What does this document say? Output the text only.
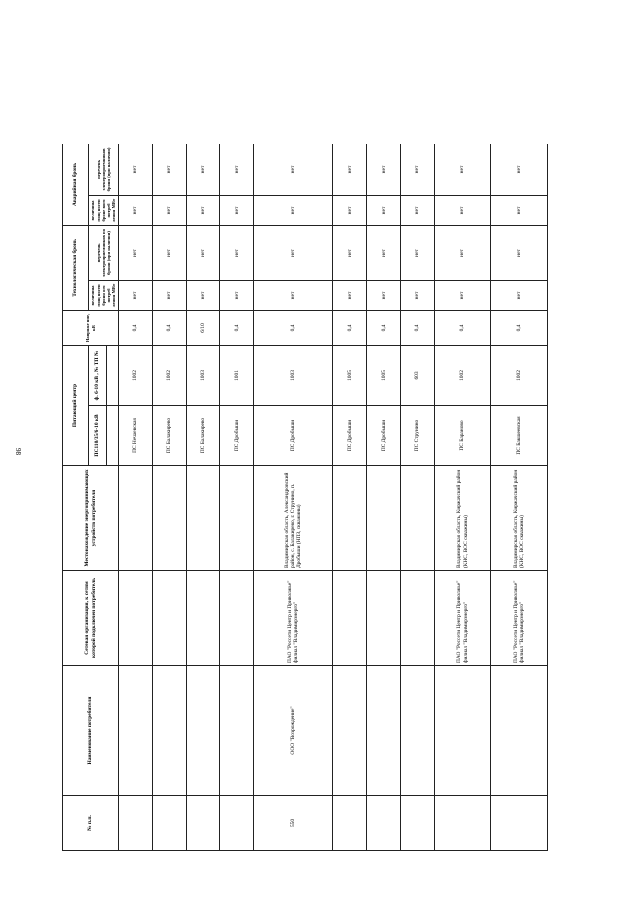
98
№ п.п.	Наименование потребителя	Сетевая организация, к сетям которой подключен потребитель	Местонахождение энергопринимающих устройств потребителя	Питающий центр		Напряже ние, кВ	Технологическая бронь		Аварийная бронь	
				ПС110/35/6-10 кВ	ф. 6-10 кВ , № ТП №		величина мощ ности бронн ого потреб ления МВт	перечень электроприемников по брони (при наличии)	величина мощ ности броне вого потреб ления МВт	перечень электроприемников брони (при наличии)

				ПС Нечаевская	1002	0,4	нет	нет	нет	нет
				ПС Балакирево	1002	0,4	нет	нет	нет	нет
				ПС Балакирево	1003	6/10	нет	нет	нет	нет
				ПС Дробыши	1001	0,4	нет	нет	нет	нет
550	ООО "Возрождение"	ПАО "Россети Центр и Приволжье" филиал "Владимирэнерго"	Владимирская область, Александровский район, с. Балакирево, г. Струнино, п. Дробыши (НПЗ, скважины)	ПС Дробыши	1003	0,4	нет	нет	нет	нет
				ПС Дробыши	1005	0,4	нет	нет	нет	нет
				ПС Дробыши	1005	0,4	нет	нет	нет	нет
				ПС Струнино	603	0,4	нет	нет	нет	нет
		ПАО "Россети Центр и Приволжье" филиал "Владимирэнерго"	Владимирская область, Киржачский район (КНС, ВОС скважины)	ПС Бараново	1002	0,4	нет	нет	нет	нет
		ПАО "Россети Центр и Приволжье" филиал "Владимирэнерго"	Владимирская область, Киржачский район (КНС, ВОС скважины)	ПС Бакшеевская	1002	0,4	нет	нет	нет	нет
